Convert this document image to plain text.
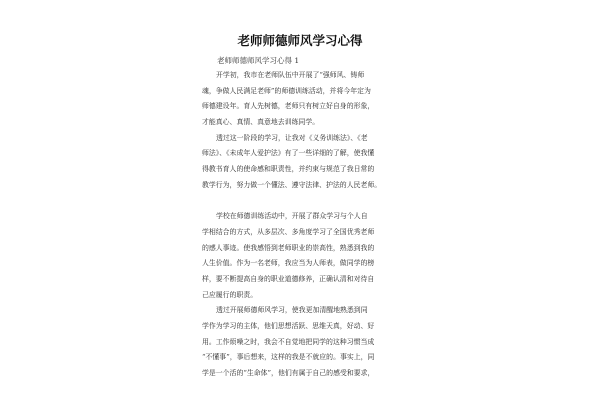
老师师德师风学习心得
老师师德师风学习心得 1
开学初，我市在老师队伍中开展了“强师风、铸师
魂，争做人民满足老师”的师德训练活动，并将今年定为
师德建设年。育人先树德，老师只有树立好自身的形象，
才能真心、真情、真意地去训练同学。
透过这一阶段的学习，让我对《义务训练法》、《老
师法》、《未成年人爱护法》有了一些详细的了解，使我懂
得教书育人的使命感和职责性，并约束与规范了我日常的
教学行为，努力做一个懂法、遵守法律、护法的人民老师。
学校在师德训练活动中，开展了群众学习与个人自
学相结合的方式，从多层次、多角度学习了全国优秀老师
的感人事迹。使我感悟到老师职业的崇高性，熟悉到我的
人生价值。作为一名老师，我应当为人师表，做同学的榜
样，要不断提高自身的职业道德修养，正确认清和对待自
己应履行的职责。
透过开展师德师风学习，使我更加清醒地熟悉到同
学作为学习的主体，他们思想活跃、思维天真，好动、好
用。工作烦噪之时，我会不自觉地把同学的这种习惯当成
“不懂事”，事后想来，这样的我是不就应的。事实上，同
学是一个活的“生命体”，他们有属于自己的感受和要求，
